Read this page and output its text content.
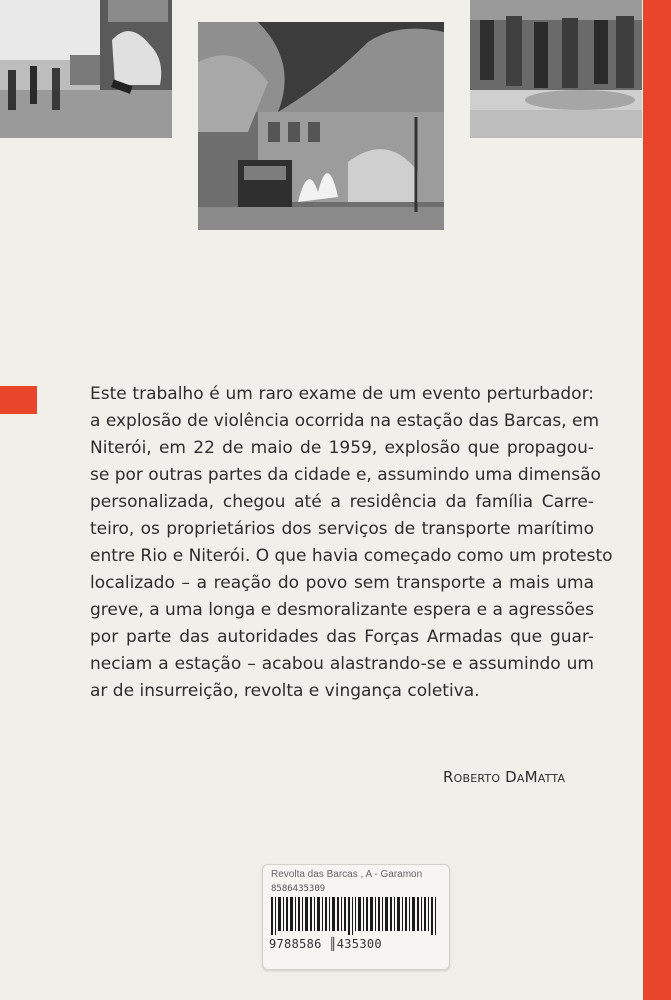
Este trabalho é um raro exame de um evento perturbador:
a explosão de violência ocorrida na estação das Barcas, em
Niterói, em 22 de maio de 1959, explosão que propagou-
se por outras partes da cidade e, assumindo uma dimensão
personalizada, chegou até a residência da família Carre-
teiro, os proprietários dos serviços de transporte marítimo
entre Rio e Niterói. O que havia começado como um protesto
localizado – a reação do povo sem transporte a mais uma
greve, a uma longa e desmoralizante espera e a agressões
por parte das autoridades das Forças Armadas que guar-
neciam a estação – acabou alastrando-se e assumindo um
ar de insurreição, revolta e vingança coletiva.

Roberto DaMatta

Revolta das Barcas , A - Garamon
8586435309
9788586 ║435300
